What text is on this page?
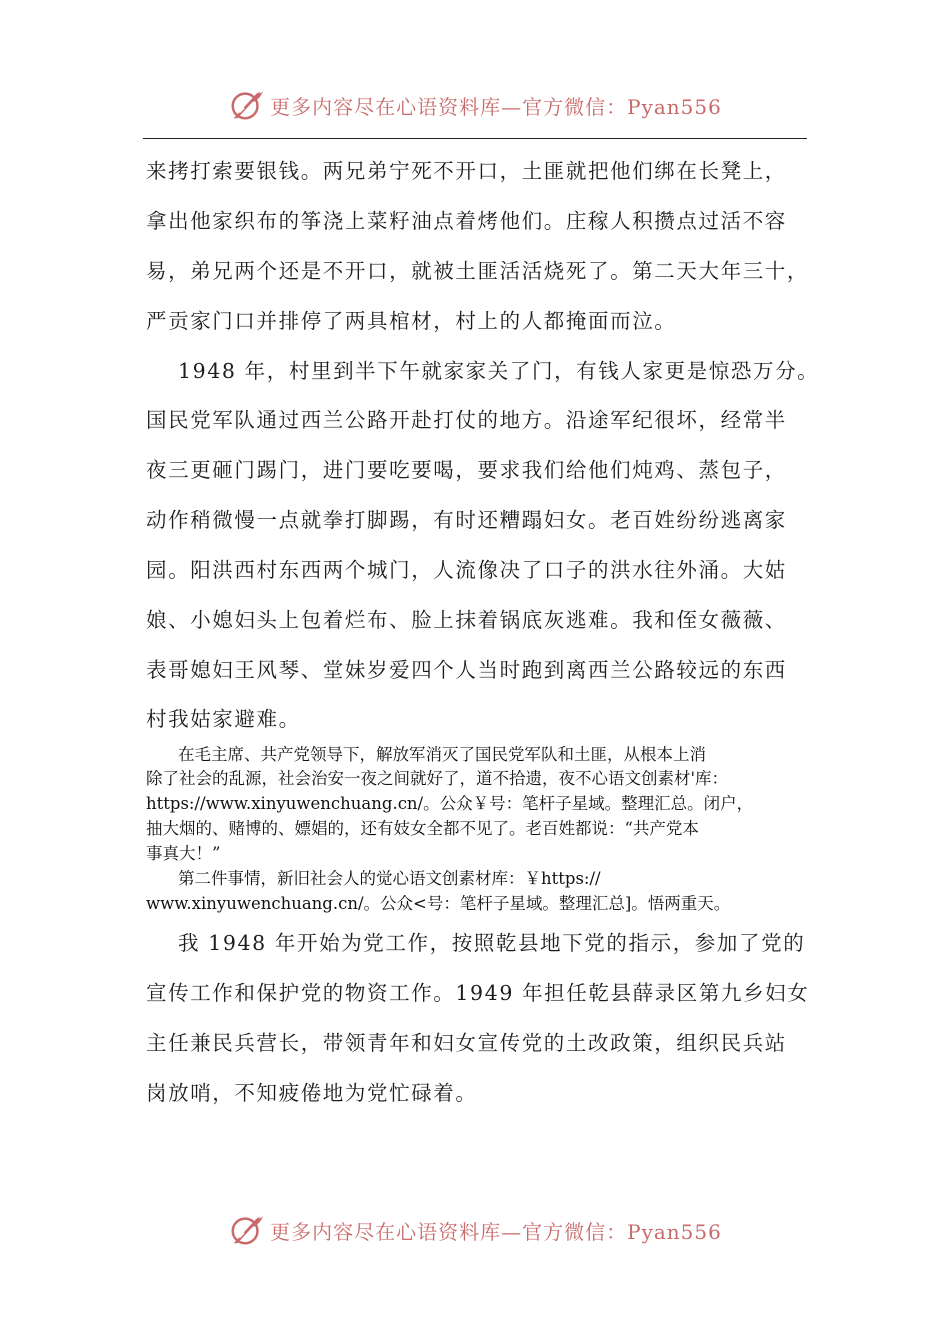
更多内容尽在心语资料库—官方微信：Pyan556
来拷打索要银钱。两兄弟宁死不开口，土匪就把他们绑在长凳上，
拿出他家织布的筝浇上菜籽油点着烤他们。庄稼人积攒点过活不容
易，弟兄两个还是不开口，就被土匪活活烧死了。第二天大年三十，
严贡家门口并排停了两具棺材，村上的人都掩面而泣。
1948 年，村里到半下午就家家关了门，有钱人家更是惊恐万分。
国民党军队通过西兰公路开赴打仗的地方。沿途军纪很坏，经常半
夜三更砸门踢门，进门要吃要喝，要求我们给他们炖鸡、蒸包子，
动作稍微慢一点就拳打脚踢，有时还糟蹋妇女。老百姓纷纷逃离家
园。阳洪西村东西两个城门，人流像决了口子的洪水往外涌。大姑
娘、小媳妇头上包着烂布、脸上抹着锅底灰逃难。我和侄女薇薇、
表哥媳妇王风琴、堂妹岁爱四个人当时跑到离西兰公路较远的东西
村我姑家避难。
在毛主席、共产党领导下，解放军消灭了国民党军队和土匪，从根本上消
除了社会的乱源，社会治安一夜之间就好了，道不拾遗，夜不心语文创素材'库：
https://www.xinyuwenchuang.cn/。公众￥号：笔杆子星域。整理汇总。闭户，
抽大烟的、赌博的、嫖娼的，还有妓女全都不见了。老百姓都说：“共产党本
事真大！”
第二件事情，新旧社会人的觉心语文创素材库：￥https://
www.xinyuwenchuang.cn/。公众<号：笔杆子星域。整理汇总]。悟两重天。
我 1948 年开始为党工作，按照乾县地下党的指示，参加了党的
宣传工作和保护党的物资工作。1949 年担任乾县薛录区第九乡妇女
主任兼民兵营长，带领青年和妇女宣传党的土改政策，组织民兵站
岗放哨，不知疲倦地为党忙碌着。
更多内容尽在心语资料库—官方微信：Pyan556
